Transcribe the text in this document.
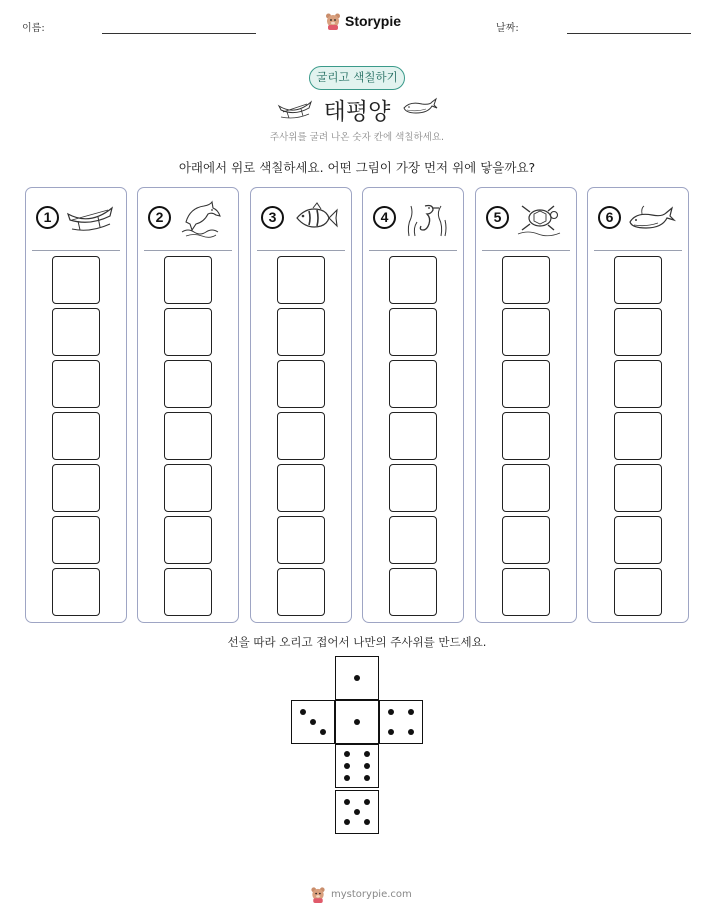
이름:	Storypie	날짜:
굴리고 색칠하기
태평양
주사위를 굴려 나온 숫자 칸에 색칠하세요.
아래에서 위로 색칠하세요. 어떤 그림이 가장 먼저 위에 닿을까요?
1	2	3	4	5	6
선을 따라 오리고 접어서 나만의 주사위를 만드세요.
mystorypie.com
